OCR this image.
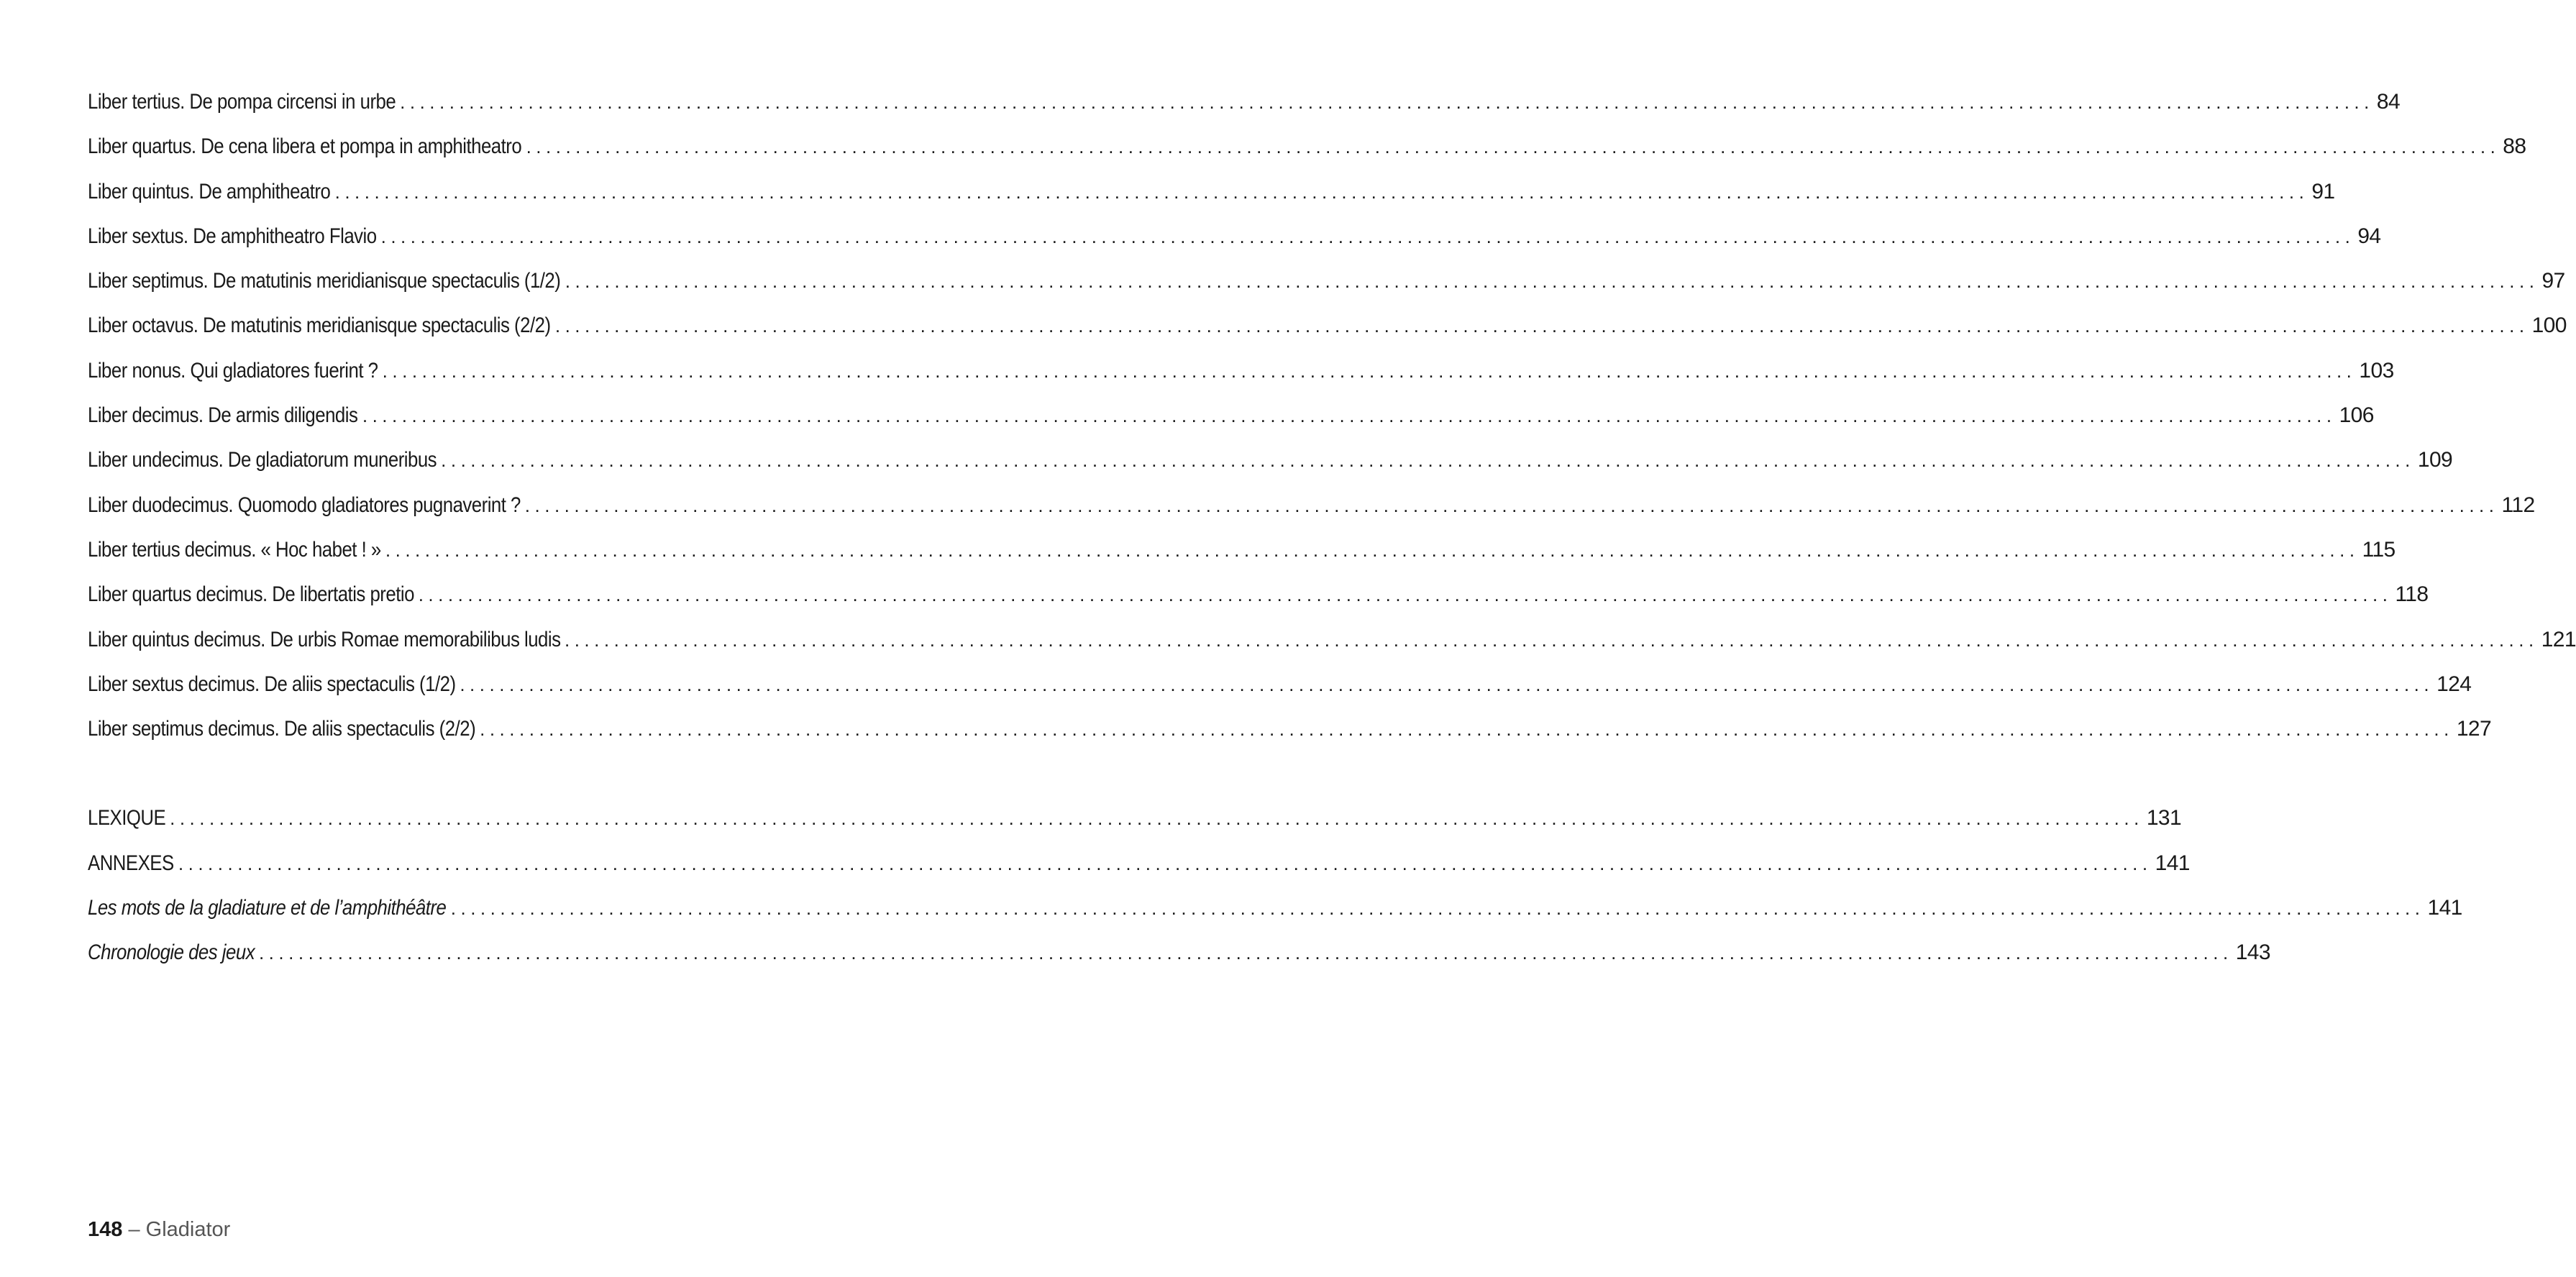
Liber tertius. De pompa circensi in urbe ........................................................................................................................................................................................................ 84
Liber quartus. De cena libera et pompa in amphitheatro ........................................................................................................................................................................................................ 88
Liber quintus. De amphitheatro ........................................................................................................................................................................................................ 91
Liber sextus. De amphitheatro Flavio ........................................................................................................................................................................................................ 94
Liber septimus. De matutinis meridianisque spectaculis (1/2) ........................................................................................................................................................................................................ 97
Liber octavus. De matutinis meridianisque spectaculis (2/2) ........................................................................................................................................................................................................ 100
Liber nonus. Qui gladiatores fuerint ? ........................................................................................................................................................................................................ 103
Liber decimus. De armis diligendis ........................................................................................................................................................................................................ 106
Liber undecimus. De gladiatorum muneribus ........................................................................................................................................................................................................ 109
Liber duodecimus. Quomodo gladiatores pugnaverint ? ........................................................................................................................................................................................................ 112
Liber tertius decimus. « Hoc habet ! » ........................................................................................................................................................................................................ 115
Liber quartus decimus. De libertatis pretio ........................................................................................................................................................................................................ 118
Liber quintus decimus. De urbis Romae memorabilibus ludis ........................................................................................................................................................................................................ 121
Liber sextus decimus. De aliis spectaculis (1/2) ........................................................................................................................................................................................................ 124
Liber septimus decimus. De aliis spectaculis (2/2) ........................................................................................................................................................................................................ 127
LEXIQUE ........................................................................................................................................................................................................ 131
ANNEXES ........................................................................................................................................................................................................ 141
Les mots de la gladiature et de l’amphithéâtre ........................................................................................................................................................................................................ 141
Chronologie des jeux ........................................................................................................................................................................................................ 143
148 – Gladiator
